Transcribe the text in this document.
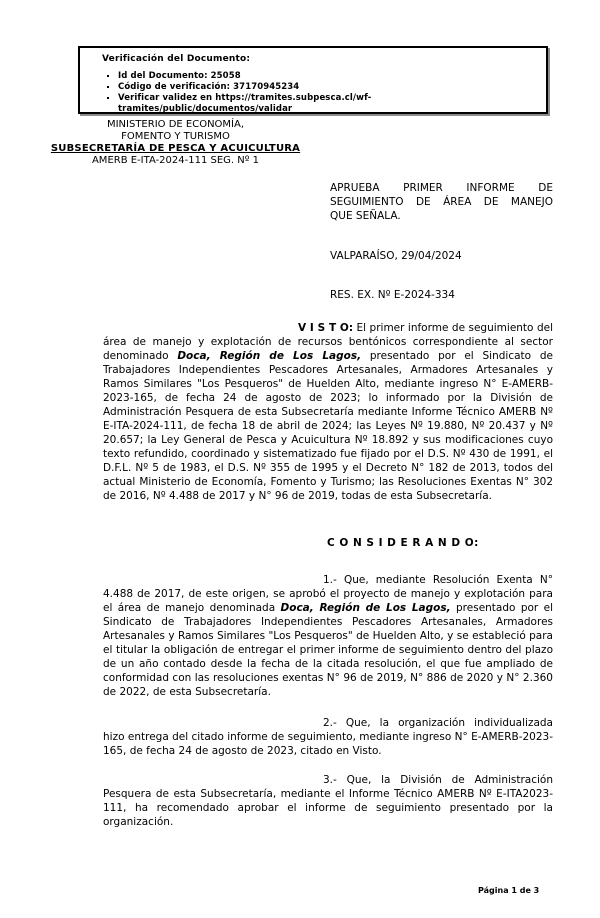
Verificación del Documento:
▪ Id del Documento: 25058
▪ Código de verificación: 37170945234
▪ Verificar validez en https://tramites.subpesca.cl/wf-tramites/public/documentos/validar
MINISTERIO DE ECONOMÍA,
FOMENTO Y TURISMO
SUBSECRETARÍA DE PESCA Y ACUICULTURA
AMERB E-ITA-2024-111 SEG. Nº 1
APRUEBA PRIMER INFORME DE
SEGUIMIENTO DE ÁREA DE MANEJO
QUE SEÑALA.
VALPARAÍSO, 29/04/2024
RES. EX. Nº E-2024-334

V I S T O: El primer informe de seguimiento del área de manejo y explotación de recursos bentónicos correspondiente al sector denominado Doca, Región de Los Lagos, presentado por el Sindicato de Trabajadores Independientes Pescadores Artesanales, Armadores Artesanales y Ramos Similares "Los Pesqueros" de Huelden Alto, mediante ingreso N° E-AMERB-2023-165, de fecha 24 de agosto de 2023; lo informado por la División de Administración Pesquera de esta Subsecretaría mediante Informe Técnico AMERB Nº E-ITA-2024-111, de fecha 18 de abril de 2024; las Leyes Nº 19.880, Nº 20.437 y Nº 20.657; la Ley General de Pesca y Acuicultura Nº 18.892 y sus modificaciones cuyo texto refundido, coordinado y sistematizado fue fijado por el D.S. Nº 430 de 1991, el D.F.L. Nº 5 de 1983, el D.S. Nº 355 de 1995 y el Decreto N° 182 de 2013, todos del actual Ministerio de Economía, Fomento y Turismo; las Resoluciones Exentas N° 302 de 2016, Nº 4.488 de 2017 y N° 96 de 2019, todas de esta Subsecretaría.

C O N S I D E R A N D O:

1.- Que, mediante Resolución Exenta N° 4.488 de 2017, de este origen, se aprobó el proyecto de manejo y explotación para el área de manejo denominada Doca, Región de Los Lagos, presentado por el Sindicato de Trabajadores Independientes Pescadores Artesanales, Armadores Artesanales y Ramos Similares "Los Pesqueros" de Huelden Alto, y se estableció para el titular la obligación de entregar el primer informe de seguimiento dentro del plazo de un año contado desde la fecha de la citada resolución, el que fue ampliado de conformidad con las resoluciones exentas N° 96 de 2019, N° 886 de 2020 y N° 2.360 de 2022, de esta Subsecretaría.

2.- Que, la organización individualizada hizo entrega del citado informe de seguimiento, mediante ingreso N° E-AMERB-2023-165, de fecha 24 de agosto de 2023, citado en Visto.

3.- Que, la División de Administración Pesquera de esta Subsecretaría, mediante el Informe Técnico AMERB Nº E-ITA2023-111, ha recomendado aprobar el informe de seguimiento presentado por la organización.

Página 1 de 3
